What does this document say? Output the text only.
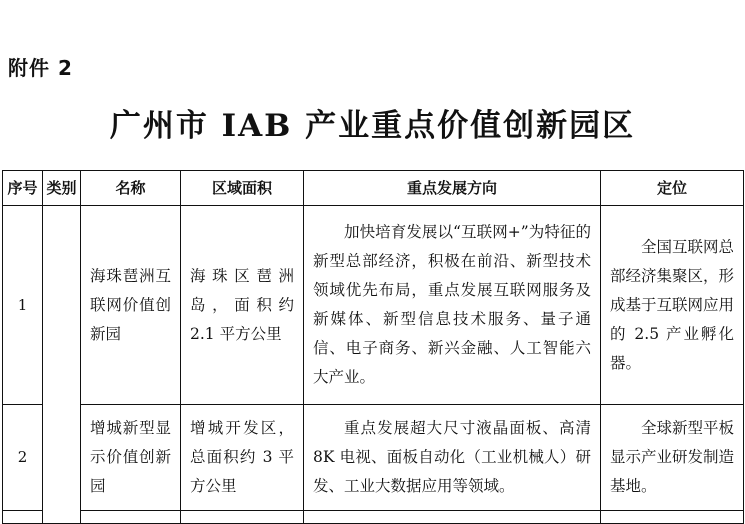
附件 2
广州市 IAB 产业重点价值创新园区
序号	类别	名称	区域面积	重点发展方向	定位
1		海珠琶洲互联网价值创新园	海珠区琶洲岛，面积约 2.1 平方公里	加快培育发展以“互联网+”为特征的新型总部经济，积极在前沿、新型技术领域优先布局，重点发展互联网服务及新媒体、新型信息技术服务、量子通信、电子商务、新兴金融、人工智能六大产业。	全国互联网总部经济集聚区，形成基于互联网应用的 2.5 产业孵化器。
2		增城新型显示价值创新园	增城开发区，总面积约 3 平方公里	重点发展超大尺寸液晶面板、高清 8K 电视、面板自动化（工业机械人）研发、工业大数据应用等领域。	全球新型平板显示产业研发制造基地。
